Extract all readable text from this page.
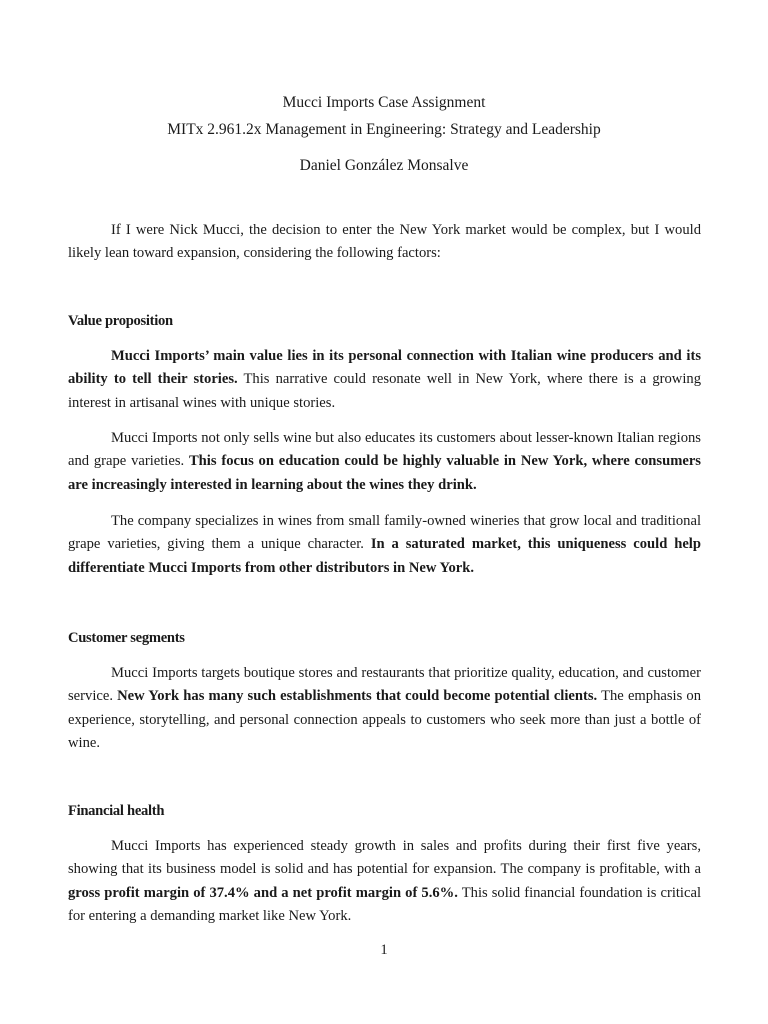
Mucci Imports Case Assignment
MITx 2.961.2x Management in Engineering: Strategy and Leadership
Daniel González Monsalve

If I were Nick Mucci, the decision to enter the New York market would be complex, but I would likely lean toward expansion, considering the following factors:

Value proposition

Mucci Imports’ main value lies in its personal connection with Italian wine producers and its ability to tell their stories. This narrative could resonate well in New York, where there is a growing interest in artisanal wines with unique stories.

Mucci Imports not only sells wine but also educates its customers about lesser-known Italian regions and grape varieties. This focus on education could be highly valuable in New York, where consumers are increasingly interested in learning about the wines they drink.

The company specializes in wines from small family-owned wineries that grow local and traditional grape varieties, giving them a unique character. In a saturated market, this uniqueness could help differentiate Mucci Imports from other distributors in New York.

Customer segments

Mucci Imports targets boutique stores and restaurants that prioritize quality, education, and customer service. New York has many such establishments that could become potential clients. The emphasis on experience, storytelling, and personal connection appeals to customers who seek more than just a bottle of wine.

Financial health

Mucci Imports has experienced steady growth in sales and profits during their first five years, showing that its business model is solid and has potential for expansion. The company is profitable, with a gross profit margin of 37.4% and a net profit margin of 5.6%. This solid financial foundation is critical for entering a demanding market like New York.

1
